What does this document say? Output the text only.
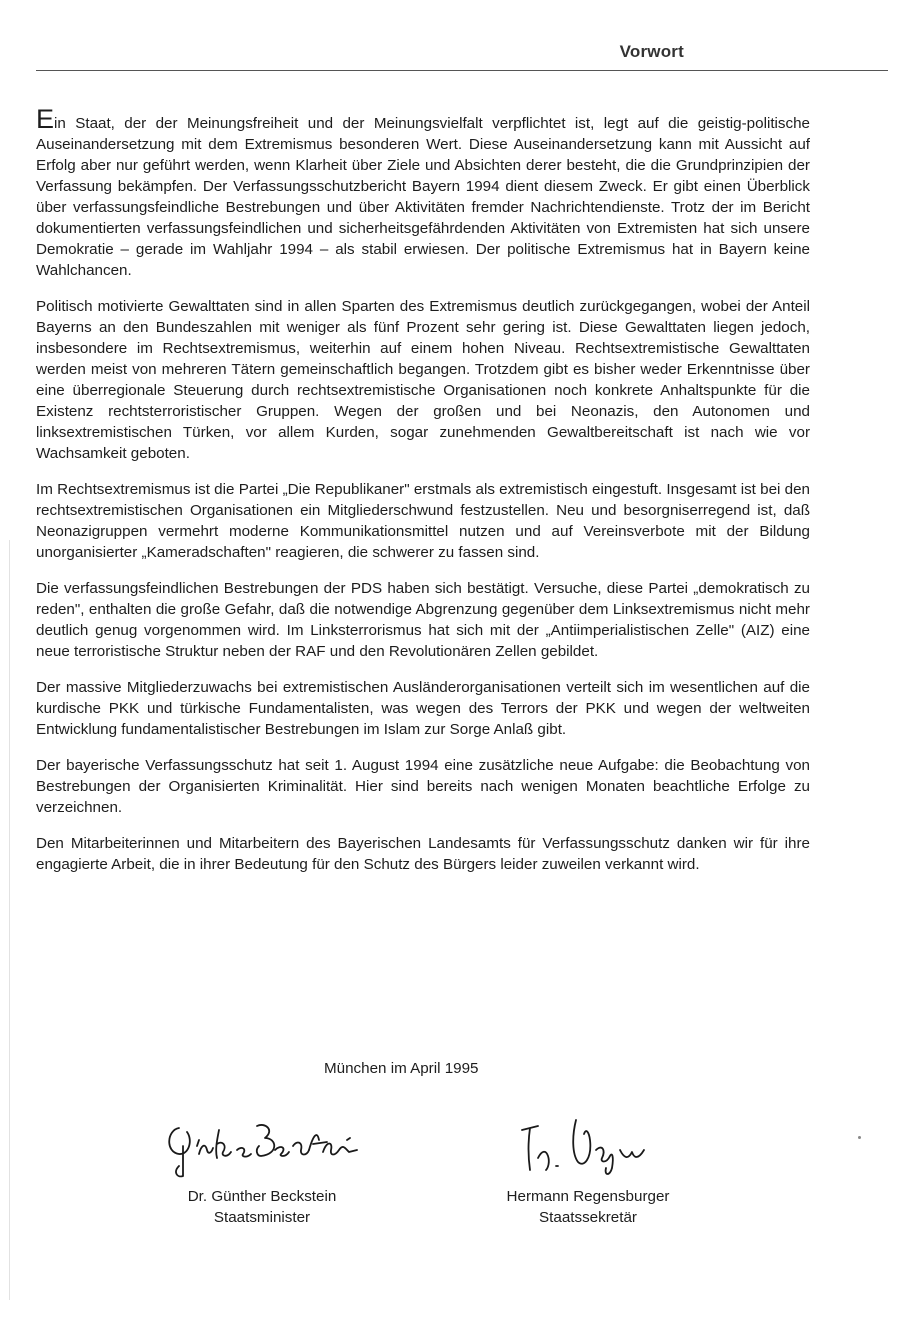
Vorwort

Ein Staat, der der Meinungsfreiheit und der Meinungsvielfalt verpflichtet ist, legt auf die geistig-politische Auseinandersetzung mit dem Extremismus besonderen Wert. Diese Auseinandersetzung kann mit Aussicht auf Erfolg aber nur geführt werden, wenn Klarheit über Ziele und Absichten derer besteht, die die Grundprinzipien der Verfassung bekämpfen. Der Verfassungsschutzbericht Bayern 1994 dient diesem Zweck. Er gibt einen Überblick über verfassungsfeindliche Bestrebungen und über Aktivitäten fremder Nachrichtendienste. Trotz der im Bericht dokumentierten verfassungsfeindlichen und sicherheitsgefährdenden Aktivitäten von Extremisten hat sich unsere Demokratie – gerade im Wahljahr 1994 – als stabil erwiesen. Der politische Extremismus hat in Bayern keine Wahlchancen.

Politisch motivierte Gewalttaten sind in allen Sparten des Extremismus deutlich zurückgegangen, wobei der Anteil Bayerns an den Bundeszahlen mit weniger als fünf Prozent sehr gering ist. Diese Gewalttaten liegen jedoch, insbesondere im Rechtsextremismus, weiterhin auf einem hohen Niveau. Rechtsextremistische Gewalttaten werden meist von mehreren Tätern gemeinschaftlich begangen. Trotzdem gibt es bisher weder Erkenntnisse über eine überregionale Steuerung durch rechtsextremistische Organisationen noch konkrete Anhaltspunkte für die Existenz rechtsterroristischer Gruppen. Wegen der großen und bei Neonazis, den Autonomen und linksextremistischen Türken, vor allem Kurden, sogar zunehmenden Gewaltbereitschaft ist nach wie vor Wachsamkeit geboten.

Im Rechtsextremismus ist die Partei „Die Republikaner" erstmals als extremistisch eingestuft. Insgesamt ist bei den rechtsextremistischen Organisationen ein Mitgliederschwund festzustellen. Neu und besorgniserregend ist, daß Neonazigruppen vermehrt moderne Kommunikationsmittel nutzen und auf Vereinsverbote mit der Bildung unorganisierter „Kameradschaften" reagieren, die schwerer zu fassen sind.

Die verfassungsfeindlichen Bestrebungen der PDS haben sich bestätigt. Versuche, diese Partei „demokratisch zu reden", enthalten die große Gefahr, daß die notwendige Abgrenzung gegenüber dem Linksextremismus nicht mehr deutlich genug vorgenommen wird. Im Linksterrorismus hat sich mit der „Antiimperialistischen Zelle" (AIZ) eine neue terroristische Struktur neben der RAF und den Revolutionären Zellen gebildet.

Der massive Mitgliederzuwachs bei extremistischen Ausländerorganisationen verteilt sich im wesentlichen auf die kurdische PKK und türkische Fundamentalisten, was wegen des Terrors der PKK und wegen der weltweiten Entwicklung fundamentalistischer Bestrebungen im Islam zur Sorge Anlaß gibt.

Der bayerische Verfassungsschutz hat seit 1. August 1994 eine zusätzliche neue Aufgabe: die Beobachtung von Bestrebungen der Organisierten Kriminalität. Hier sind bereits nach wenigen Monaten beachtliche Erfolge zu verzeichnen.

Den Mitarbeiterinnen und Mitarbeitern des Bayerischen Landesamts für Verfassungsschutz danken wir für ihre engagierte Arbeit, die in ihrer Bedeutung für den Schutz des Bürgers leider zuweilen verkannt wird.

München im April 1995
Dr. Günther Beckstein
Staatsminister
Hermann Regensburger
Staatssekretär
